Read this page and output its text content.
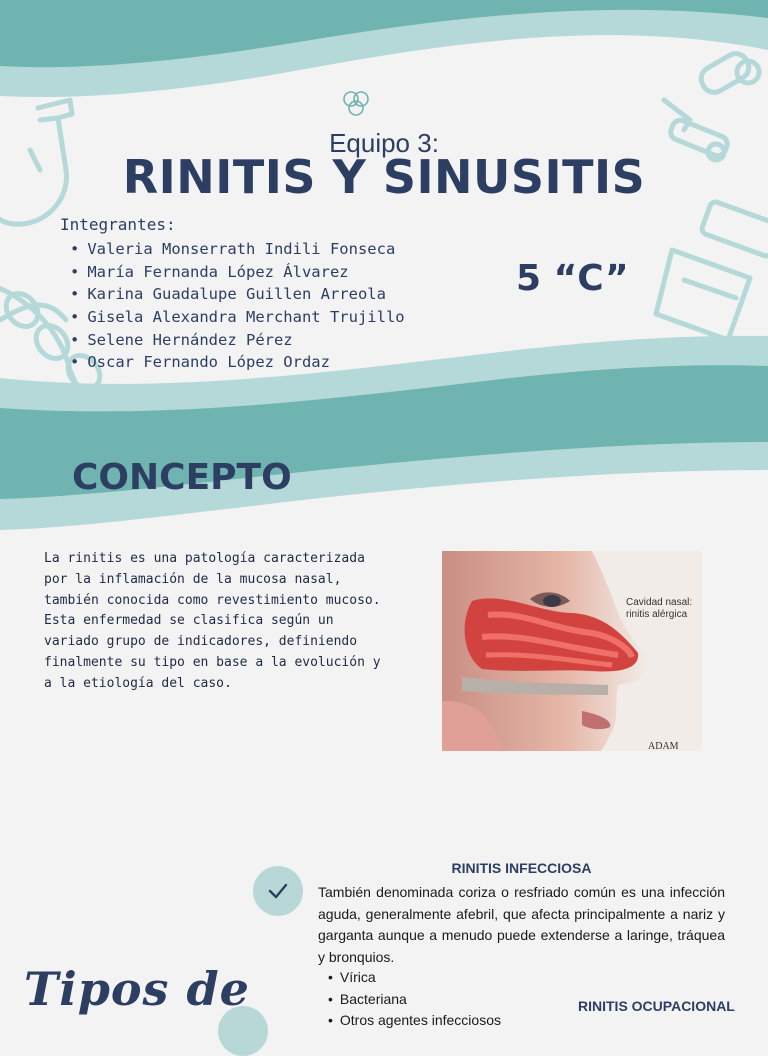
Equipo 3:
RINITIS Y SINUSITIS
Integrantes:
• Valeria Monserrath Indili Fonseca
• María Fernanda López Álvarez
• Karina Guadalupe Guillen Arreola
• Gisela Alexandra Merchant Trujillo
• Selene Hernández Pérez
• Oscar Fernando López Ordaz
5 “C”
CONCEPTO
La rinitis es una patología caracterizada por la inflamación de la mucosa nasal, también conocida como revestimiento mucoso. Esta enfermedad se clasifica según un variado grupo de indicadores, definiendo finalmente su tipo en base a la evolución y a la etiología del caso.
Cavidad nasal: rinitis alérgica
ADAM
RINITIS INFECCIOSA

También denominada coriza o resfriado común es una infección aguda, generalmente afebril, que afecta principalmente a nariz y garganta aunque a menudo puede extenderse a laringe, tráquea y bronquios.

• Vírica
• Bacteriana
• Otros agentes infecciosos
RINITIS OCUPACIONAL
Tipos de
